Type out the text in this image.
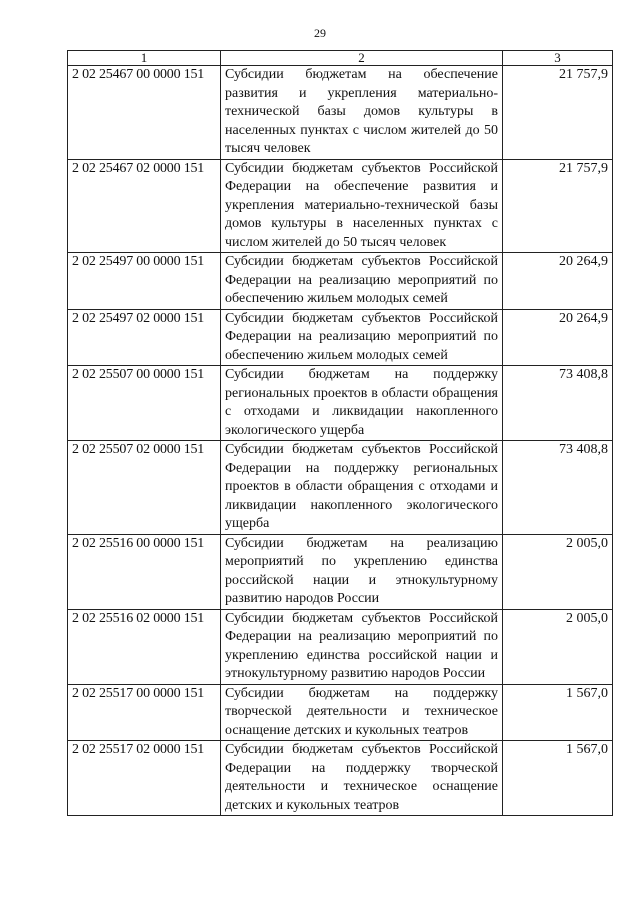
29
1	2	3
2 02 25467 00 0000 151	Субсидии бюджетам на обеспечение развития и укрепления материально-технической базы домов культуры в населенных пунктах с числом жителей до 50 тысяч человек	21 757,9
2 02 25467 02 0000 151	Субсидии бюджетам субъектов Российской Федерации на обеспечение развития и укрепления материально-технической базы домов культуры в населенных пунктах с числом жителей до 50 тысяч человек	21 757,9
2 02 25497 00 0000 151	Субсидии бюджетам субъектов Российской Федерации на реализацию мероприятий по обеспечению жильем молодых семей	20 264,9
2 02 25497 02 0000 151	Субсидии бюджетам субъектов Российской Федерации на реализацию мероприятий по обеспечению жильем молодых семей	20 264,9
2 02 25507 00 0000 151	Субсидии бюджетам на поддержку региональных проектов в области обращения с отходами и ликвидации накопленного экологического ущерба	73 408,8
2 02 25507 02 0000 151	Субсидии бюджетам субъектов Российской Федерации на поддержку региональных проектов в области обращения с отходами и ликвидации накопленного экологического ущерба	73 408,8
2 02 25516 00 0000 151	Субсидии бюджетам на реализацию мероприятий по укреплению единства российской нации и этнокультурному развитию народов России	2 005,0
2 02 25516 02 0000 151	Субсидии бюджетам субъектов Российской Федерации на реализацию мероприятий по укреплению единства российской нации и этнокультурному развитию народов России	2 005,0
2 02 25517 00 0000 151	Субсидии бюджетам на поддержку творческой деятельности и техническое оснащение детских и кукольных театров	1 567,0
2 02 25517 02 0000 151	Субсидии бюджетам субъектов Российской Федерации на поддержку творческой деятельности и техническое оснащение детских и кукольных театров	1 567,0
